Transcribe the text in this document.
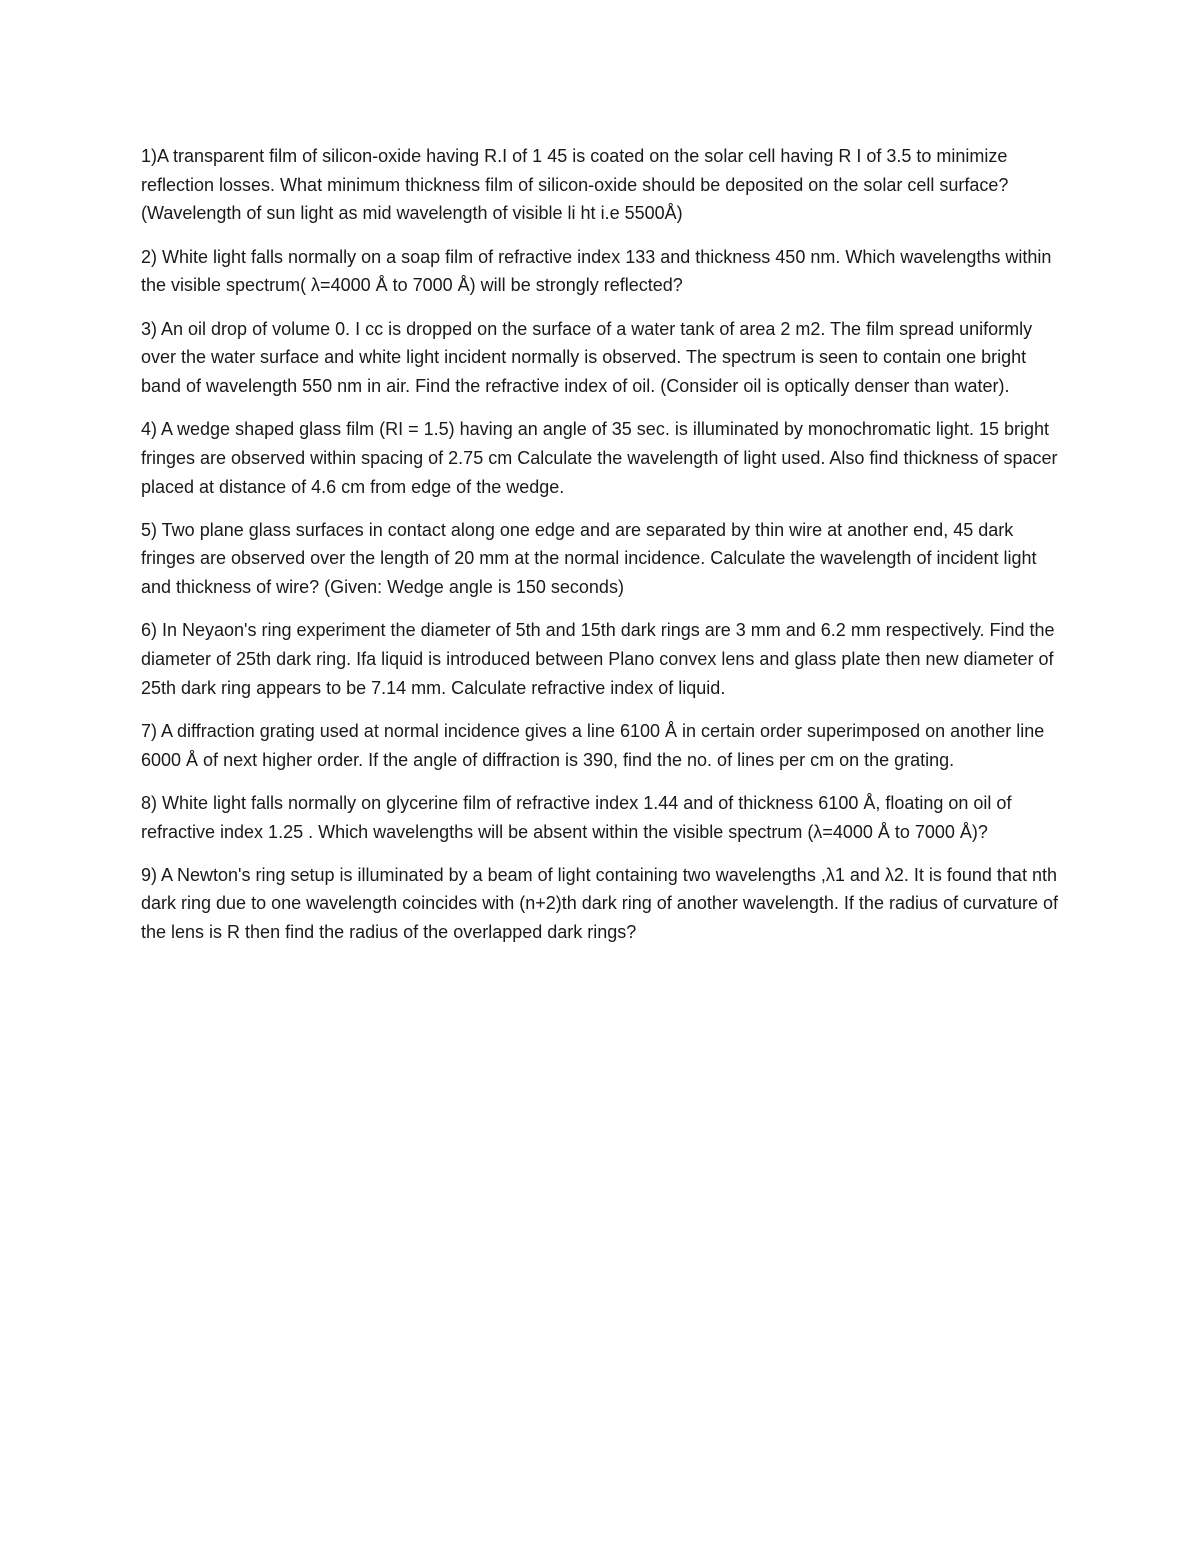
1)A transparent film of silicon-oxide having R.I of 1 45 is coated on the solar cell having R I of 3.5 to minimize reflection losses. What minimum thickness film of silicon-oxide should be deposited on the solar cell surface?(Wavelength of sun light as mid wavelength of visible li ht i.e 5500Å)

2) White light falls normally on a soap film of refractive index 133 and thickness 450 nm. Which wavelengths within the visible spectrum( λ=4000 Å to 7000 Å) will be strongly reflected?

3) An oil drop of volume 0. I cc is dropped on the surface of a water tank of area 2 m2. The film spread uniformly over the water surface and white light incident normally is observed. The spectrum is seen to contain one bright band of wavelength 550 nm in air. Find the refractive index of oil. (Consider oil is optically denser than water).

4) A wedge shaped glass film (RI = 1.5) having an angle of 35 sec. is illuminated by monochromatic light. 15 bright fringes are observed within spacing of 2.75 cm Calculate the wavelength of light used. Also find thickness of spacer placed at distance of 4.6 cm from edge of the wedge.

5) Two plane glass surfaces in contact along one edge and are separated by thin wire at another end, 45 dark fringes are observed over the length of 20 mm at the normal incidence. Calculate the wavelength of incident light and thickness of wire? (Given: Wedge angle is 150 seconds)

6) In Neyaon's ring experiment the diameter of 5th and 15th dark rings are 3 mm and 6.2 mm respectively. Find the diameter of 25th dark ring. Ifa liquid is introduced between Plano convex lens and glass plate then new diameter of 25th dark ring appears to be 7.14 mm. Calculate refractive index of liquid.

7) A diffraction grating used at normal incidence gives a line 6100 Å in certain order superimposed on another line 6000 Å of next higher order. If the angle of diffraction is 390, find the no. of lines per cm on the grating.

8) White light falls normally on glycerine film of refractive index 1.44 and of thickness 6100 Å, floating on oil of refractive index 1.25 . Which wavelengths will be absent within the visible spectrum (λ=4000 Å to 7000 Å)?

9) A Newton's ring setup is illuminated by a beam of light containing two wavelengths ,λ1 and λ2. It is found that nth dark ring due to one wavelength coincides with (n+2)th dark ring of another wavelength. If the radius of curvature of the lens is R then find the radius of the overlapped dark rings?
